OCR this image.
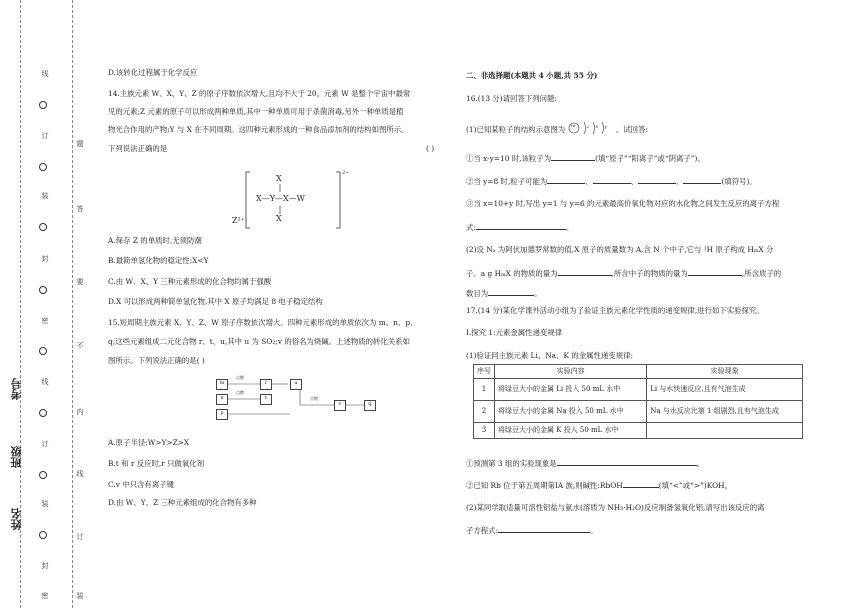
线
订
装
封
密
线
订
装
封
密
题
答
要
不
内
线
订
装
考号
班级
姓名
D.该转化过程属于化学反应
14.主族元素 W、X、Y、Z 的原子序数依次增大,且均不大于 20。元素 W 是整个宇宙中最常
见的元素;Z 元素的原子可以形成两种单质,其中一种单质可用于杀菌消毒,另外一种单质是植
物光合作用的产物;Y 与 X 在不同周期。这四种元素形成的一种食品添加剂的结构如图所示。
下列说法正确的是	( )
X
X—Y—X—W
X
2−
Z²⁺
A.保存 Z 的单质时,无须防潮
B.最简单氢化物的稳定性:X<Y
C.由 W、X、Y 三种元素形成的化合物均属于强酸
D.X 可以形成两种简单氢化物,其中 X 原子均满足 8 电子稳定结构
15.短周期主族元素 X、Y、Z、W 原子序数依次增大。四种元素形成的单质依次为 m、n、p、
q;这些元素组成二元化合物 r、t、u,其中 u 为 SO₂;v 的俗名为烧碱。上述物质的转化关系如
图所示。下列说法正确的是( )
m
n
p
r
t
u
v	q
点燃
点燃
点燃
A.原子半径:W>Y>Z>X
B.t 和 r 反应时,r 只做氧化剂
C.v 中只含有离子键
D.由 W、Y、Z 三种元素组成的化合物有多种
二、非选择题(本题共 4 小题,共 55 分)
16.(13 分)请回答下列问题:
(1)已知某粒子的结构示意图为 +x	2 8 y 。试回答:
①当 x-y=10 时,该粒子为	(填“原子”“阳离子”或“阴离子”)。
②当 y=8 时,粒子可能为	、	、	、	(填符号)。
③当 x=10+y 时,写出 y=1 与 y=6 的元素最高价氧化物对应的水化物之间发生反应的离子方程
式:	。
(2)设 Nₐ 为阿伏加德罗常数的值,X 原子的质量数为 A,含 N 个中子,它与 ¹H 原子构成 HₘX 分
子。a g HₘX 的物质的量为	,所含中子的物质的量为	,所含质子的
数目为	。
17.(14 分)某化学课外活动小组为了验证主族元素化学性质的递变规律,进行如下实验探究。
Ⅰ.探究 1:元素金属性递变规律
(1)验证同主族元素 Li、Na、K 的金属性递变规律:
序号	实验内容	实验现象
1	将绿豆大小的金属 Li 投入 50 mL 水中	Li 与水快速反应,且有气泡生成
2	将绿豆大小的金属 Na 投入 50 mL 水中	Na 与水反应比第 1 组剧烈,且有气泡生成
3	将绿豆大小的金属 K 投入 50 mL 水中	
①预测第 3 组的实验现象是	。
②已知 Rb 位于第五周期第ⅠA 族,则碱性:RbOH	(填“<”或“>”)KOH。
(2)某同学取适量可溶性铝盐与氨水(溶质为 NH₃·H₂O)反应制备氢氧化铝,请写出该反应的离
子方程式:	。
